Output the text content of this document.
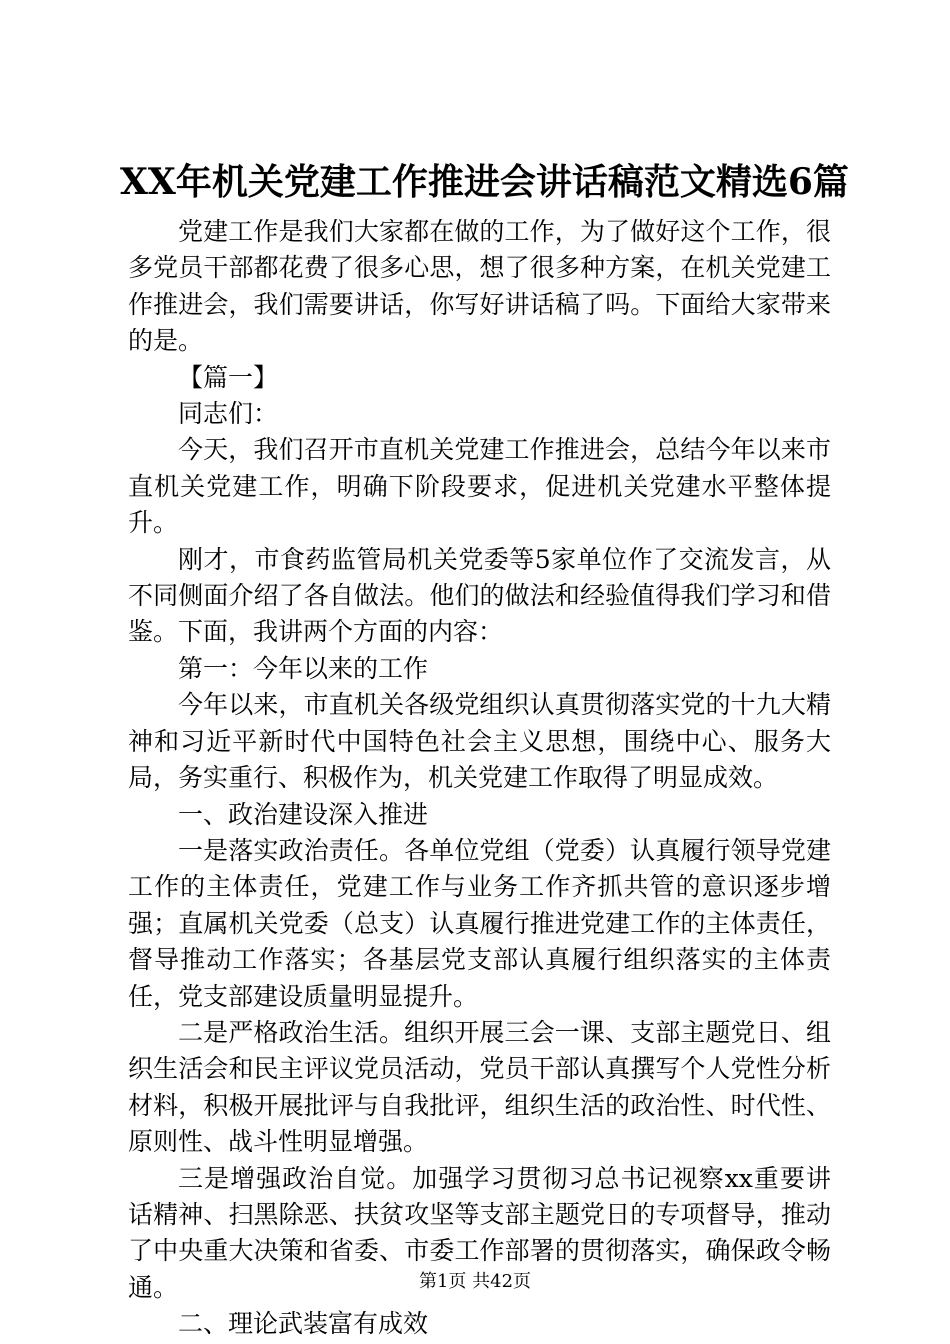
XX年机关党建工作推进会讲话稿范文精选6篇

党建工作是我们大家都在做的工作，为了做好这个工作，很多党员干部都花费了很多心思，想了很多种方案，在机关党建工作推进会，我们需要讲话，你写好讲话稿了吗。下面给大家带来的是。

【篇一】

同志们：

今天，我们召开市直机关党建工作推进会，总结今年以来市直机关党建工作，明确下阶段要求，促进机关党建水平整体提升。

刚才，市食药监管局机关党委等5家单位作了交流发言，从不同侧面介绍了各自做法。他们的做法和经验值得我们学习和借鉴。下面，我讲两个方面的内容：

第一：今年以来的工作

今年以来，市直机关各级党组织认真贯彻落实党的十九大精神和习近平新时代中国特色社会主义思想，围绕中心、服务大局，务实重行、积极作为，机关党建工作取得了明显成效。

一、政治建设深入推进

一是落实政治责任。各单位党组（党委）认真履行领导党建工作的主体责任，党建工作与业务工作齐抓共管的意识逐步增强；直属机关党委（总支）认真履行推进党建工作的主体责任，督导推动工作落实；各基层党支部认真履行组织落实的主体责任，党支部建设质量明显提升。

二是严格政治生活。组织开展三会一课、支部主题党日、组织生活会和民主评议党员活动，党员干部认真撰写个人党性分析材料，积极开展批评与自我批评，组织生活的政治性、时代性、原则性、战斗性明显增强。

三是增强政治自觉。加强学习贯彻习总书记视察xx重要讲话精神、扫黑除恶、扶贫攻坚等支部主题党日的专项督导，推动了中央重大决策和省委、市委工作部署的贯彻落实，确保政令畅通。

二、理论武装富有成效

第1页 共42页
